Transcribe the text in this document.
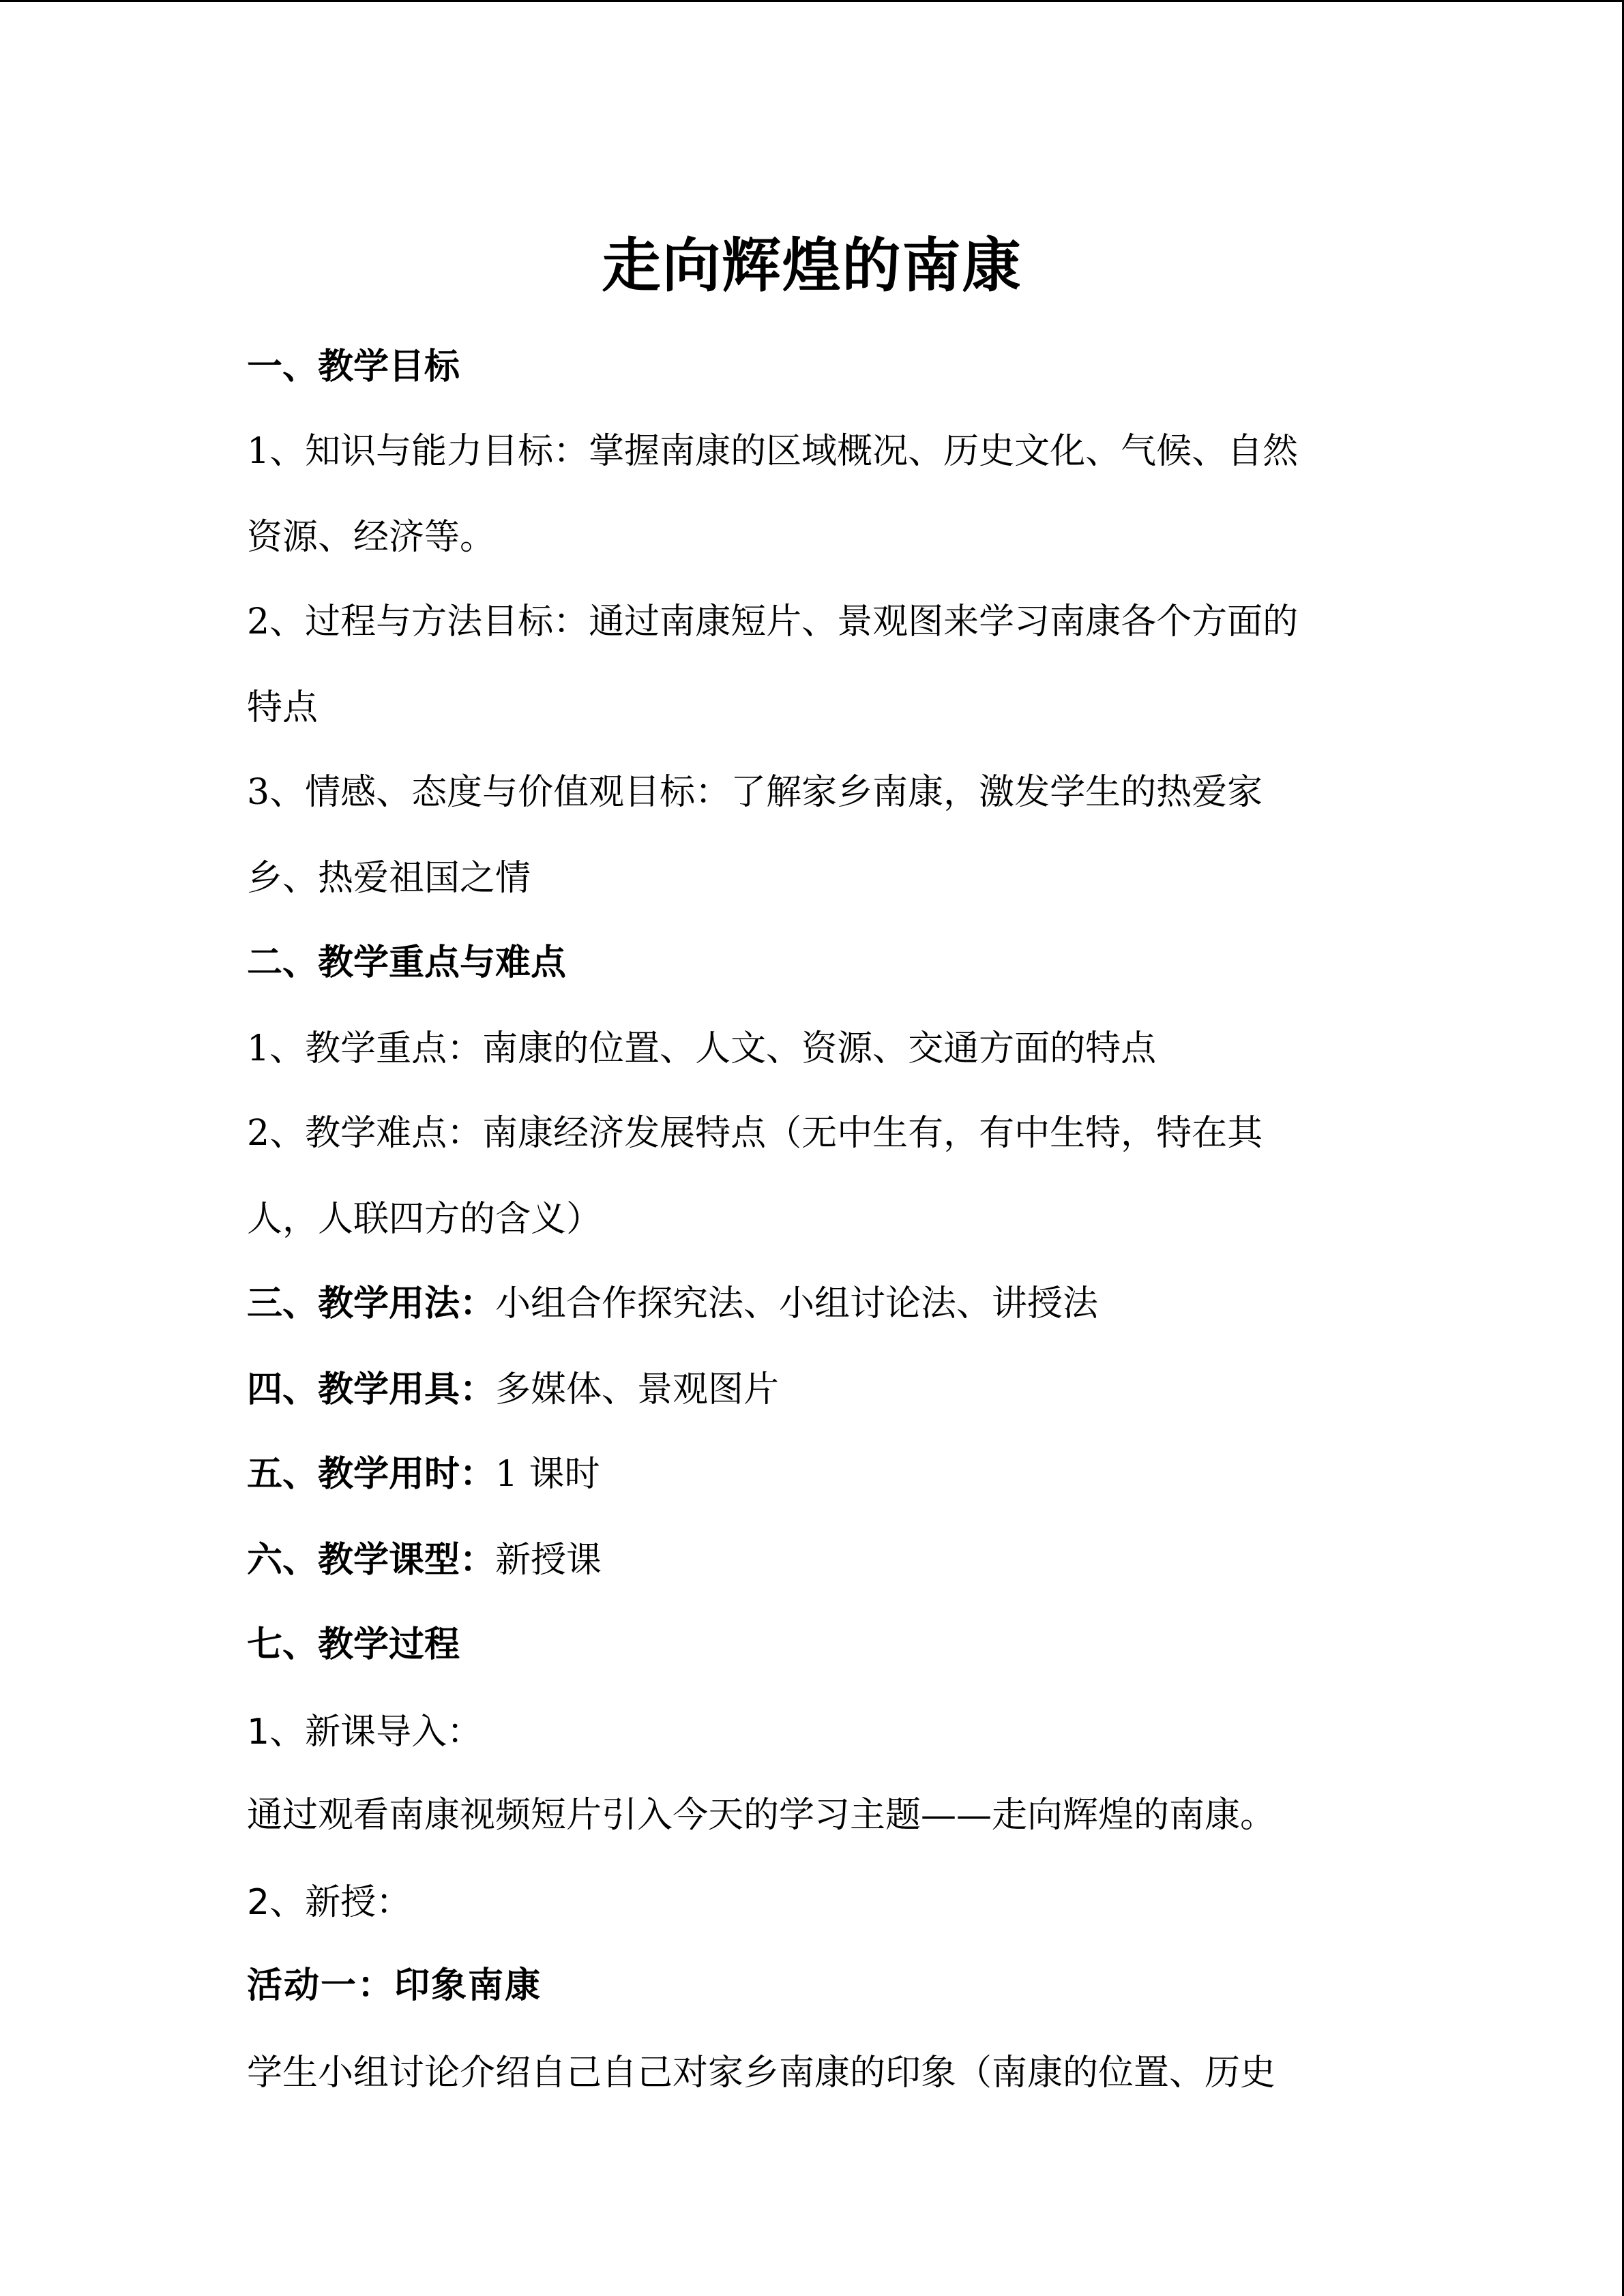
走向辉煌的南康
一、教学目标
1、知识与能力目标：掌握南康的区域概况、历史文化、气候、自然
资源、经济等。
2、过程与方法目标：通过南康短片、景观图来学习南康各个方面的
特点
3、情感、态度与价值观目标：了解家乡南康，激发学生的热爱家
乡、热爱祖国之情
二、教学重点与难点
1、教学重点：南康的位置、人文、资源、交通方面的特点
2、教学难点：南康经济发展特点（无中生有，有中生特，特在其
人，人联四方的含义）
三、教学用法：小组合作探究法、小组讨论法、讲授法
四、教学用具：多媒体、景观图片
五、教学用时：1 课时
六、教学课型：新授课
七、教学过程
1、新课导入：
通过观看南康视频短片引入今天的学习主题——走向辉煌的南康。
2、新授：
活动一：印象南康
学生小组讨论介绍自己自己对家乡南康的印象（南康的位置、历史
